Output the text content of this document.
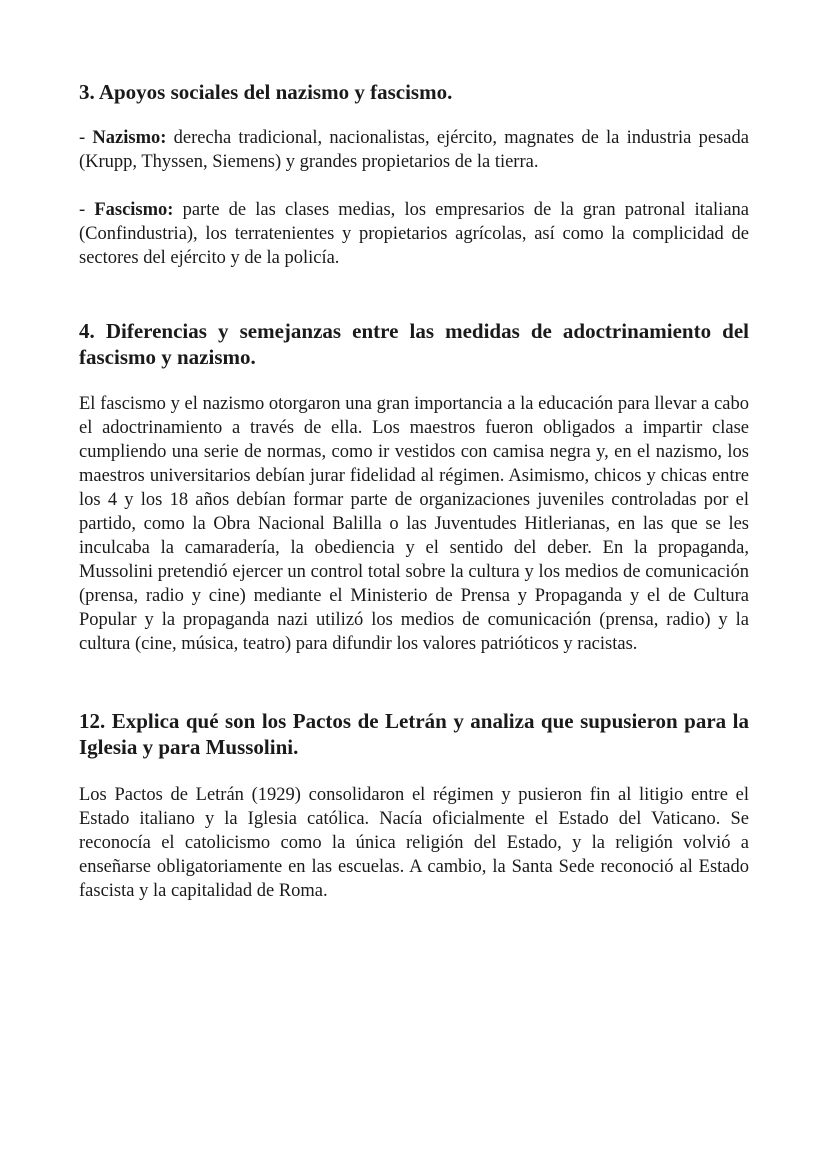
3. Apoyos sociales del nazismo y fascismo.

- Nazismo: derecha tradicional, nacionalistas, ejército, magnates de la industria pesada (Krupp, Thyssen, Siemens) y grandes propietarios de la tierra.

- Fascismo: parte de las clases medias, los empresarios de la gran patronal italiana (Confindustria), los terratenientes y propietarios agrícolas, así como la complicidad de sectores del ejército y de la policía.

4. Diferencias y semejanzas entre las medidas de adoctrinamiento del fascismo y nazismo.

El fascismo y el nazismo otorgaron una gran importancia a la educación para llevar a cabo el adoctrinamiento a través de ella. Los maestros fueron obligados a impartir clase cumpliendo una serie de normas, como ir vestidos con camisa negra y, en el nazismo, los maestros universitarios debían jurar fidelidad al régimen. Asimismo, chicos y chicas entre los 4 y los 18 años debían formar parte de organizaciones juveniles controladas por el partido, como la Obra Nacional Balilla o las Juventudes Hitlerianas, en las que se les inculcaba la camaradería, la obediencia y el sentido del deber. En la propaganda, Mussolini pretendió ejercer un control total sobre la cultura y los medios de comunicación (prensa, radio y cine) mediante el Ministerio de Prensa y Propaganda y el de Cultura Popular y la propaganda nazi utilizó los medios de comunicación (prensa, radio) y la cultura (cine, música, teatro) para difundir los valores patrióticos y racistas.

12. Explica qué son los Pactos de Letrán y analiza que supusieron para la Iglesia y para Mussolini.

Los Pactos de Letrán (1929) consolidaron el régimen y pusieron fin al litigio entre el Estado italiano y la Iglesia católica. Nacía oficialmente el Estado del Vaticano. Se reconocía el catolicismo como la única religión del Estado, y la religión volvió a enseñarse obligatoriamente en las escuelas. A cambio, la Santa Sede reconoció al Estado fascista y la capitalidad de Roma.
